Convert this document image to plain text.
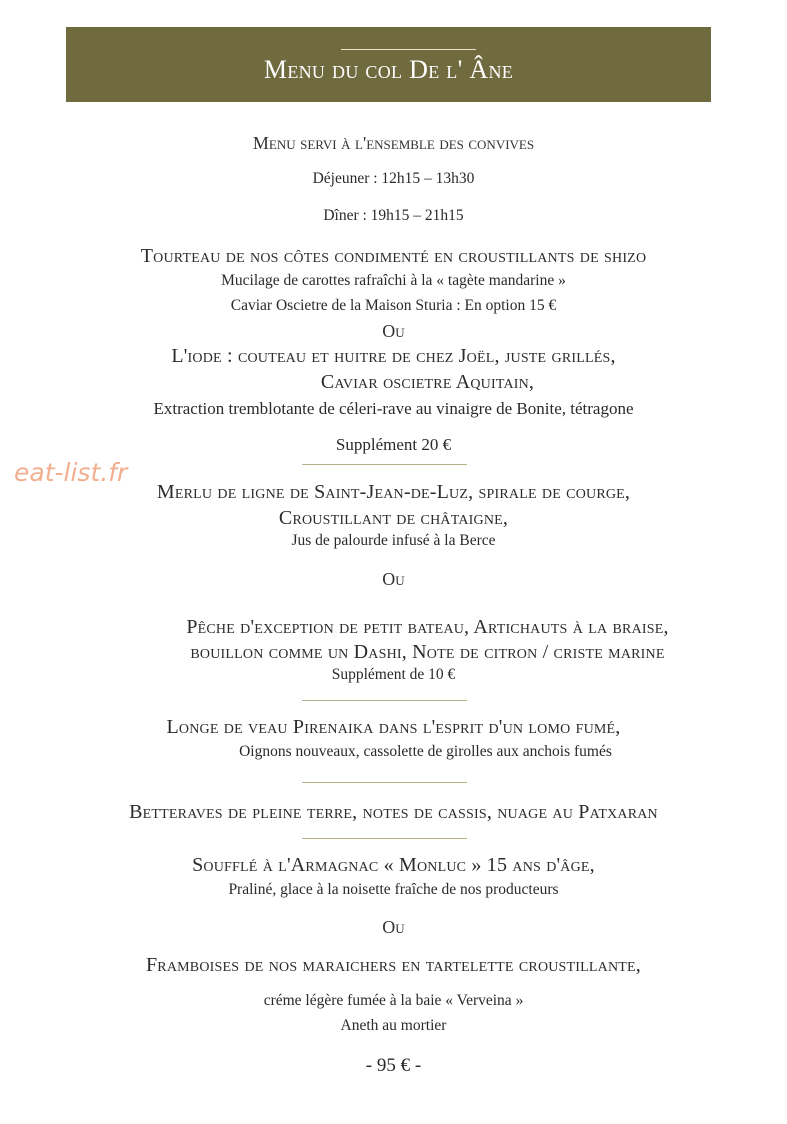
Menu du col De l' Âne
Menu servi à l'ensemble des convives
Déjeuner : 12h15 – 13h30
Dîner : 19h15 – 21h15
Tourteau de nos côtes condimenté en croustillants de shizo
Mucilage de carottes rafraîchi à la « tagète mandarine »
Caviar Oscietre de la Maison Sturia : En option 15 €
Ou
L'iode : couteau et huitre de chez Joël, juste grillés,
Caviar oscietre Aquitain,
Extraction tremblotante de céleri-rave au vinaigre de Bonite, tétragone
Supplément 20 €
eat-list.fr
Merlu de ligne de Saint-Jean-de-Luz, spirale de courge,
Croustillant de châtaigne,
Jus de palourde infusé à la Berce
Ou
Pêche d'exception de petit bateau, Artichauts à la braise,
bouillon comme un Dashi, Note de citron / criste marine
Supplément de 10 €
Longe de veau Pirenaika dans l'esprit d'un lomo fumé,
Oignons nouveaux, cassolette de girolles aux anchois fumés
Betteraves de pleine terre, notes de cassis, nuage au Patxaran
Soufflé à l'Armagnac « Monluc » 15 ans d'âge,
Praliné, glace à la noisette fraîche de nos producteurs
Ou
Framboises de nos maraichers en tartelette croustillante,
créme légère fumée à la baie « Verveina »
Aneth au mortier
- 95 € -
